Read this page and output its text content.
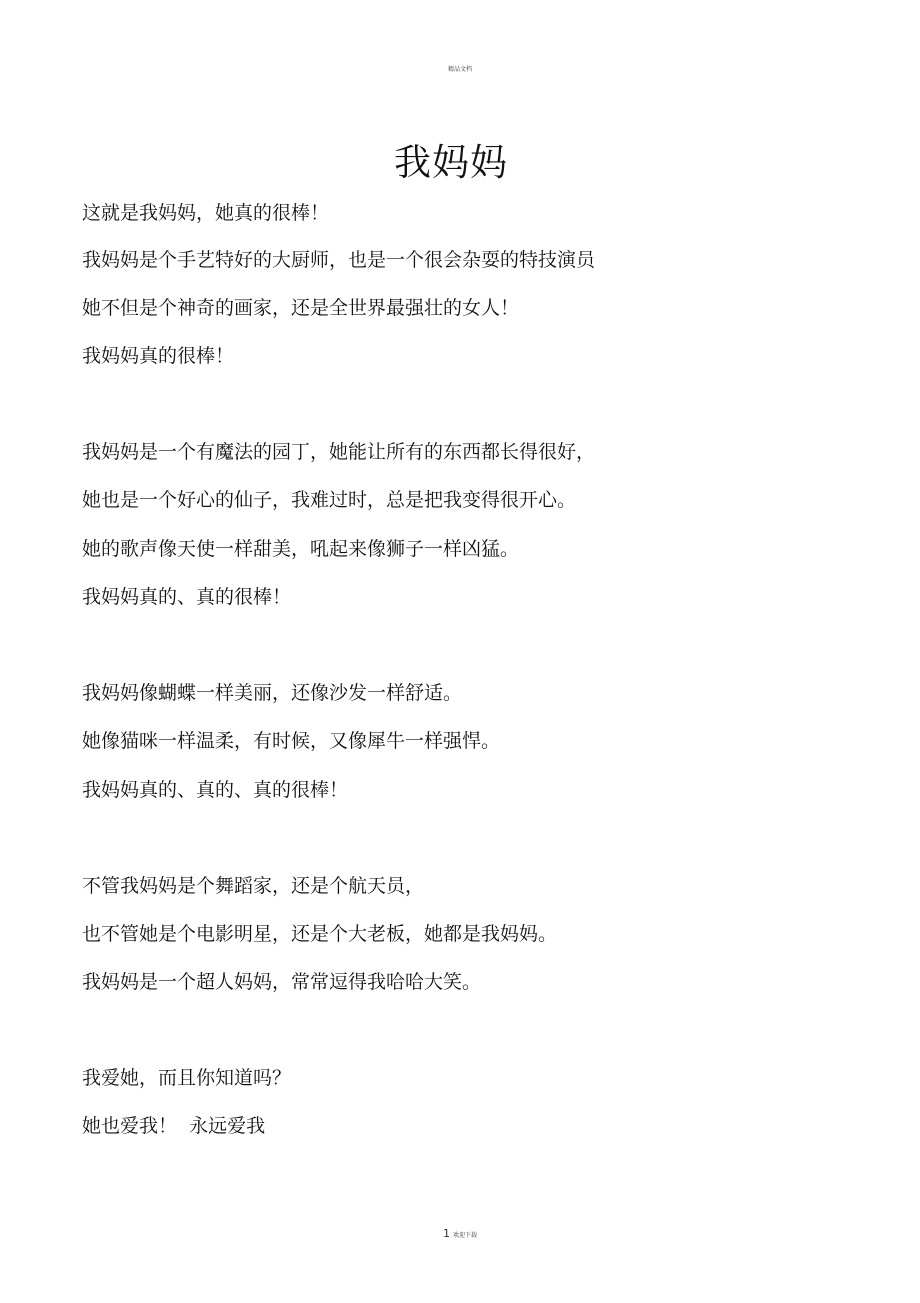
精品文档
我妈妈

这就是我妈妈，她真的很棒！

我妈妈是个手艺特好的大厨师，也是一个很会杂耍的特技演员

她不但是个神奇的画家，还是全世界最强壮的女人！

我妈妈真的很棒！

我妈妈是一个有魔法的园丁，她能让所有的东西都长得很好，

她也是一个好心的仙子，我难过时，总是把我变得很开心。

她的歌声像天使一样甜美，吼起来像狮子一样凶猛。

我妈妈真的、真的很棒！

我妈妈像蝴蝶一样美丽，还像沙发一样舒适。

她像猫咪一样温柔，有时候，又像犀牛一样强悍。

我妈妈真的、真的、真的很棒！

不管我妈妈是个舞蹈家，还是个航天员，

也不管她是个电影明星，还是个大老板，她都是我妈妈。

我妈妈是一个超人妈妈，常常逗得我哈哈大笑。

我爱她，而且你知道吗？

她也爱我！  永远爱我

1 欢迎下载
